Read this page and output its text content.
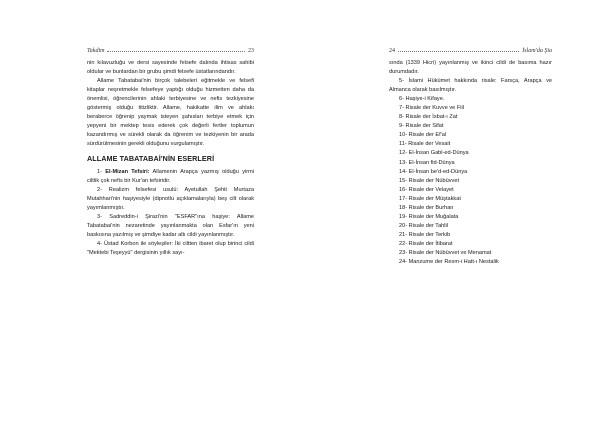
Takdim	23

nin kılavuzluğu ve dersi sayesinde felsefe dalında ihtisas sahibi oldular ve bunlardan bir grubu şimdi felsefe üstatlarındandır.

Allame Tabatabai'nin birçok talebeleri eğitmekle ve felsefi kitaplar neşretmekle felsefeye yaptığı olduğu hizmetten daha da önemlisi, öğrencilerinin ahlaki terbiyesine ve nefis tezkiyesine göstermiş olduğu titizliktir. Allame, hakikatte ilim ve ahlakı beraberce öğrenip yaymak isteyen şahısları terbiye etmek için yepyeni bir mektep tesis ederek çok değerli fertler toplumun kazandırmış ve sürekli olarak da öğrenim ve tezkiyenin bir arada sürdürülmesinin gerekli olduğunu vurgulamıştır.

ALLAME TABATABAİ'NİN ESERLERİ

1- El-Mizan Tefsiri: Allamenin Arapça yazmış olduğu yirmi ciltlik çok nefis bir Kur'an tefsiridir.

2- Realizm felsefesi usulü: Ayetullah Şehit Murtaza Mutahhari'nin haşiyesiyle (dipnotlu açıklamalarıyla) beş cilt olarak yayımlanmıştır.

3- Sadreddin-i Şirazi'nin "ESFAR"ına haşiye: Allame Tabatabai'nin nezaretinde yayınlanmakta olan Esfar'ın yeni baskısına yazılmış ve şimdiye kadar altı cildi yayınlanmıştır.

4- Üstad Korbon ile söyleşiler: İki ciltten ibaret olup birinci cildi "Mektebi Teşeyyü" dergisinin yıllık sayı-

24	İslam'da Şia

sında (1339 Hicri) yayınlanmış ve ikinci cildi de basıma hazır durumdadır.

5- İslami Hükümet hakkında risale: Farsça, Arapça ve Almanca olarak basılmıştır.

6- Haşiye-i Kifaye.

7- Risale der Kuvve ve Fiil

8- Risale der İsbat-ı Zat

9- Risale der Sifat

10- Risale der Ef'al

11- Risale der Vesait

12- El-İnsan Gabl-ed-Dünya

13- El-İnsan fid-Dünya

14- El-İnsan be'd-ed-Dünya

15- Risale der Nübüvvet

16- Risale der Velayet

17- Risale der Müştakkat

18- Risale der Burhan

19- Risale der Muğalata

20- Risale der Tahlil

21- Risale der Terkib

22- Risale der İtibarat

23- Risale der Nübüvvet ve Menamat

24- Manzume der Resm-i Hatt-ı Nestalik
